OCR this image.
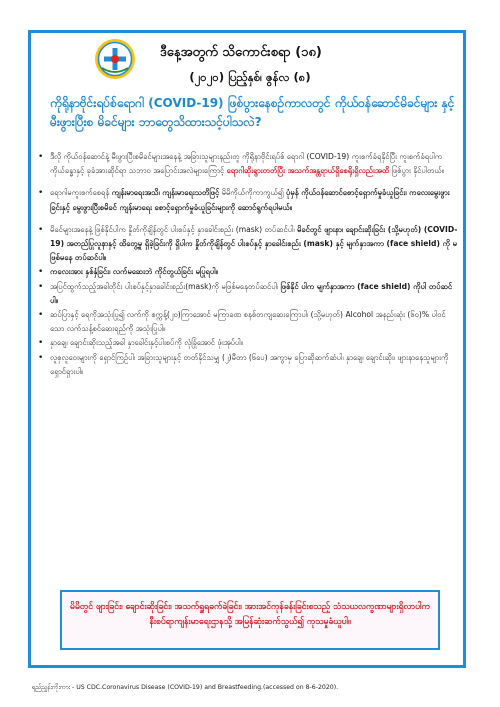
ဒီနေ့အတွက် သိကောင်းစရာ (၁၈)
(၂၀၂၀) ပြည့်နှစ်၊ ဇွန်လ (၈)
ကိုရိုနာဗိုင်းရပ်စ်ရောဂါ (COVID-19) ဖြစ်ပွားနေစဉ်ကာလတွင် ကိုယ်ဝန်ဆောင်မိခင်များ နှင့် မီးဖွားပြီးစ မိခင်များ ဘာတွေသိထားသင့်ပါသလဲ?
• ဒီလို ကိုယ်ဝန်ဆောင်နဲ့ မီးဖွားပြီးစမိခင်များအနေနဲ့ အခြားသူများနည်းတူ ကိုရိုနာဗိုင်းရပ်စ် ရောဂါ (COVID-19) ကူးစက်ခံရနိုင်ပြီး ကူးစက်ခံရပါက ကိုယ်ခန္ဓာနှင့် ခုခံအားဆိုင်ရာ သဘာဝ အပြောင်းအလဲများကြောင့် ရောဂါဆိုးရွားတတ်ပြီး အသက်အန္တရာယ်ရှိစေရိုးရှိလည်းအထိ ဖြစ်ပွား နိုင်ပါတယ်။
• ရောဂါမကူးစက်စေရန် ကျန်းမာရေးအသိ၊ ကျန်းမာရေးသတိဖြင့် မိမိကိုယ်ကိုကာကွယ်၍ ပုံမှန် ကိုယ်ဝန်ဆောင်စောင့်ရှောက်မှုခံယူခြင်း၊ ကလေးမွေးဖွားခြင်းနှင့် မွေးဖွားပြီးစမိခင် ကျန်းမာရေး စောင့်ရှောက်မှုခံယူခြင်းများကို ဆောင်ရွက်ရပါမယ်။
• မိခင်များအနေနဲ့ ဖြစ်နိုင်ပါက နှိုတ်ကိုချိန်တွင် ပါးစပ်နှင့် နှာခေါင်းစည်း (mask) တပ်ဆင်ပါ၊ မိခင်တွင် ဖျားနာ၊ ချောင်းဆိုးခြင်း (သို့မဟုတ်) (COVID-19) အတည်ပြုလူနာနှင့် ထိတွေ့မှု ရှိခဲ့ခြင်းကို ရှိပါက နှိုတ်ကိုချိန်တွင် ပါးစပ်နှင့် နှာခေါင်းစည်း (mask) နှင့် မျက်နှာအကာ (face shield) ကို မဖြစ်မနေ တပ်ဆင်ပါ။
• ကလေးအား နှစ်နှံခြင်း၊ လက်မဆေးဘဲ ကိုင်တွယ်ခြင်း မပြုရပါ။
• အပြင်ထွက်သည့်အခါတိုင်း ပါးစပ်နှင့်နှာခေါင်းစည်း(mask)ကို မဖြစ်မနေတပ်ဆင်ပါ၊ ဖြစ်နိုင် ပါက မျက်နှာအကာ (face shield) ကိုပါ တပ်ဆင်ပါ။
• ဆပ်ပြာနှင့် ရေကိုအသုံးပြု၍ လက်ကို စက္ကန့်(၂၀)ကြာအောင် မကြာခဏ စနစ်တကျဆေးကြောပါ၊ (သို့မဟုတ်) Alcohol အနည်းဆုံး (၆၀)% ပါဝင်သော လက်သန့်စင်ဆေးရည်ကို အသုံးပြုပါ။
• နှာချေ၊ ချောင်းဆိုးသည့်အခါ နှာခေါင်းနှင့်ပါးစပ်ကို လုံခြုံအောင် ဖုံးအုပ်ပါ။
• လူစုလူဝေးများကို ရှောင်ကြဉ်ပါ၊ အခြားသူများနှင့် တတ်နိုင်သမျှ (၂)မီတာ (၆ပေ) အကွာမှ ပြောဆိုဆက်ဆံပါ၊ နှာချေ၊ ချောင်းဆိုး၊ ဖျားနာနေသူများကို ရှောင်ရှားပါ။
မိမိတွင် ဖျားခြင်း၊ ချောင်းဆိုးခြင်း၊ အသက်ရှူရခက်ခဲခြင်း၊ အားအင်ကုန်ခန်းခြင်းစသည့် သံသယလက္ခဏာများရှိလာပါက နီးစပ်ရာကျန်းမာရေးဌာနသို့ အမြန်ဆုံးဆက်သွယ်၍ ကုသမှုခံယူပါ။
ရည်ညွှန်းကိုးကား - US CDC.Coronavirus Disease (COVID-19) and Breastfeeding.(accessed on 8-6-2020).
